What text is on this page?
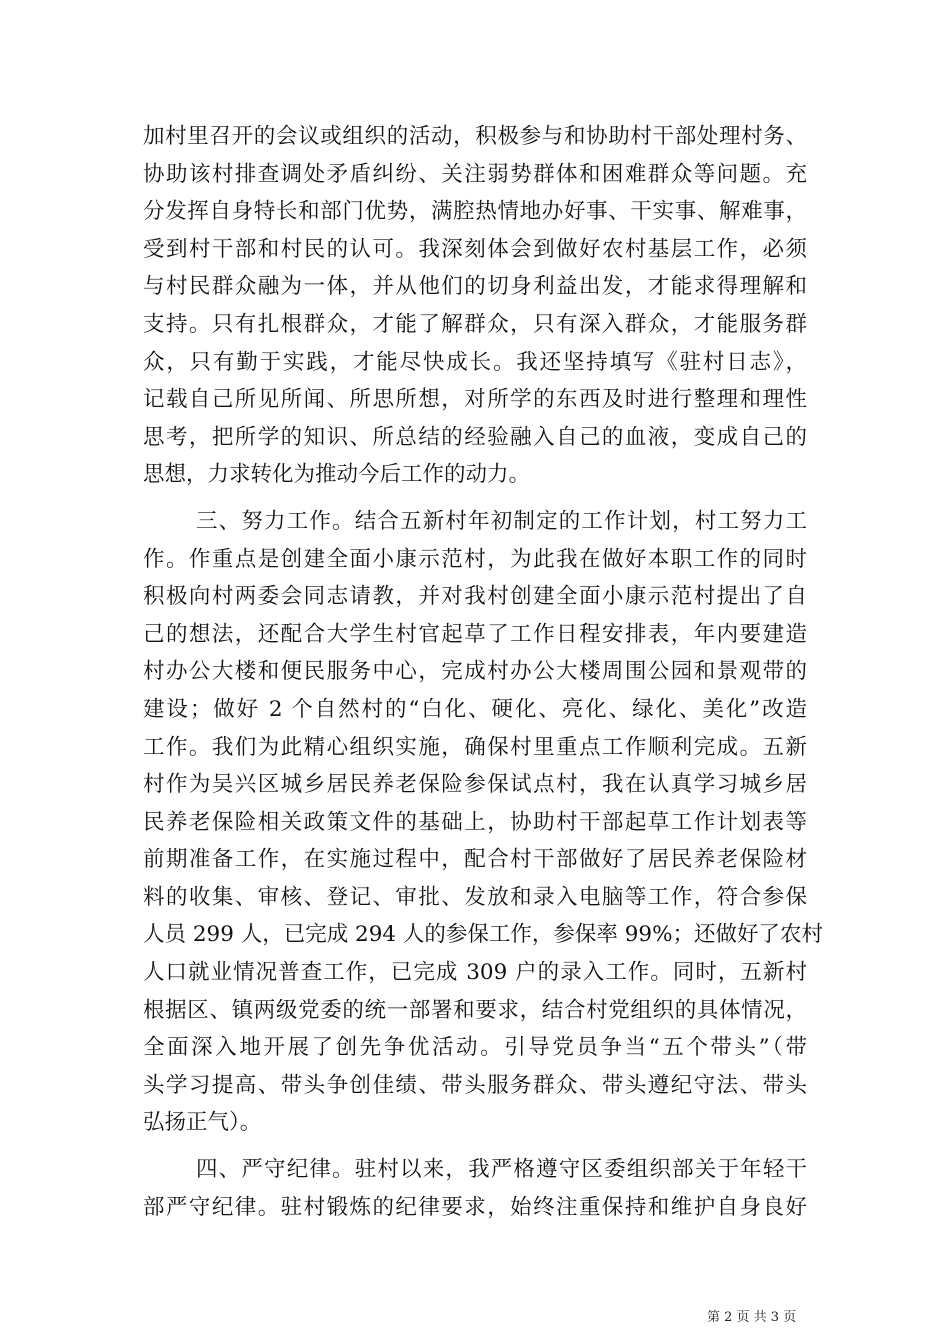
加村里召开的会议或组织的活动，积极参与和协助村干部处理村务、
协助该村排查调处矛盾纠纷、关注弱势群体和困难群众等问题。充
分发挥自身特长和部门优势，满腔热情地办好事、干实事、解难事，
受到村干部和村民的认可。我深刻体会到做好农村基层工作，必须
与村民群众融为一体，并从他们的切身利益出发，才能求得理解和
支持。只有扎根群众，才能了解群众，只有深入群众，才能服务群
众，只有勤于实践，才能尽快成长。我还坚持填写《驻村日志》，
记载自己所见所闻、所思所想，对所学的东西及时进行整理和理性
思考，把所学的知识、所总结的经验融入自己的血液，变成自己的
思想，力求转化为推动今后工作的动力。
三、努力工作。结合五新村年初制定的工作计划，村工努力工
作。作重点是创建全面小康示范村，为此我在做好本职工作的同时
积极向村两委会同志请教，并对我村创建全面小康示范村提出了自
己的想法，还配合大学生村官起草了工作日程安排表，年内要建造
村办公大楼和便民服务中心，完成村办公大楼周围公园和景观带的
建设；做好 2 个自然村的“白化、硬化、亮化、绿化、美化”改造
工作。我们为此精心组织实施，确保村里重点工作顺利完成。五新
村作为吴兴区城乡居民养老保险参保试点村，我在认真学习城乡居
民养老保险相关政策文件的基础上，协助村干部起草工作计划表等
前期准备工作，在实施过程中，配合村干部做好了居民养老保险材
料的收集、审核、登记、审批、发放和录入电脑等工作，符合参保
人员 299 人，已完成 294 人的参保工作，参保率 99%；还做好了农村
人口就业情况普查工作，已完成 309 户的录入工作。同时，五新村
根据区、镇两级党委的统一部署和要求，结合村党组织的具体情况，
全面深入地开展了创先争优活动。引导党员争当“五个带头”（带
头学习提高、带头争创佳绩、带头服务群众、带头遵纪守法、带头
弘扬正气）。
四、严守纪律。驻村以来，我严格遵守区委组织部关于年轻干
部严守纪律。驻村锻炼的纪律要求，始终注重保持和维护自身良好
第 2 页 共 3 页
